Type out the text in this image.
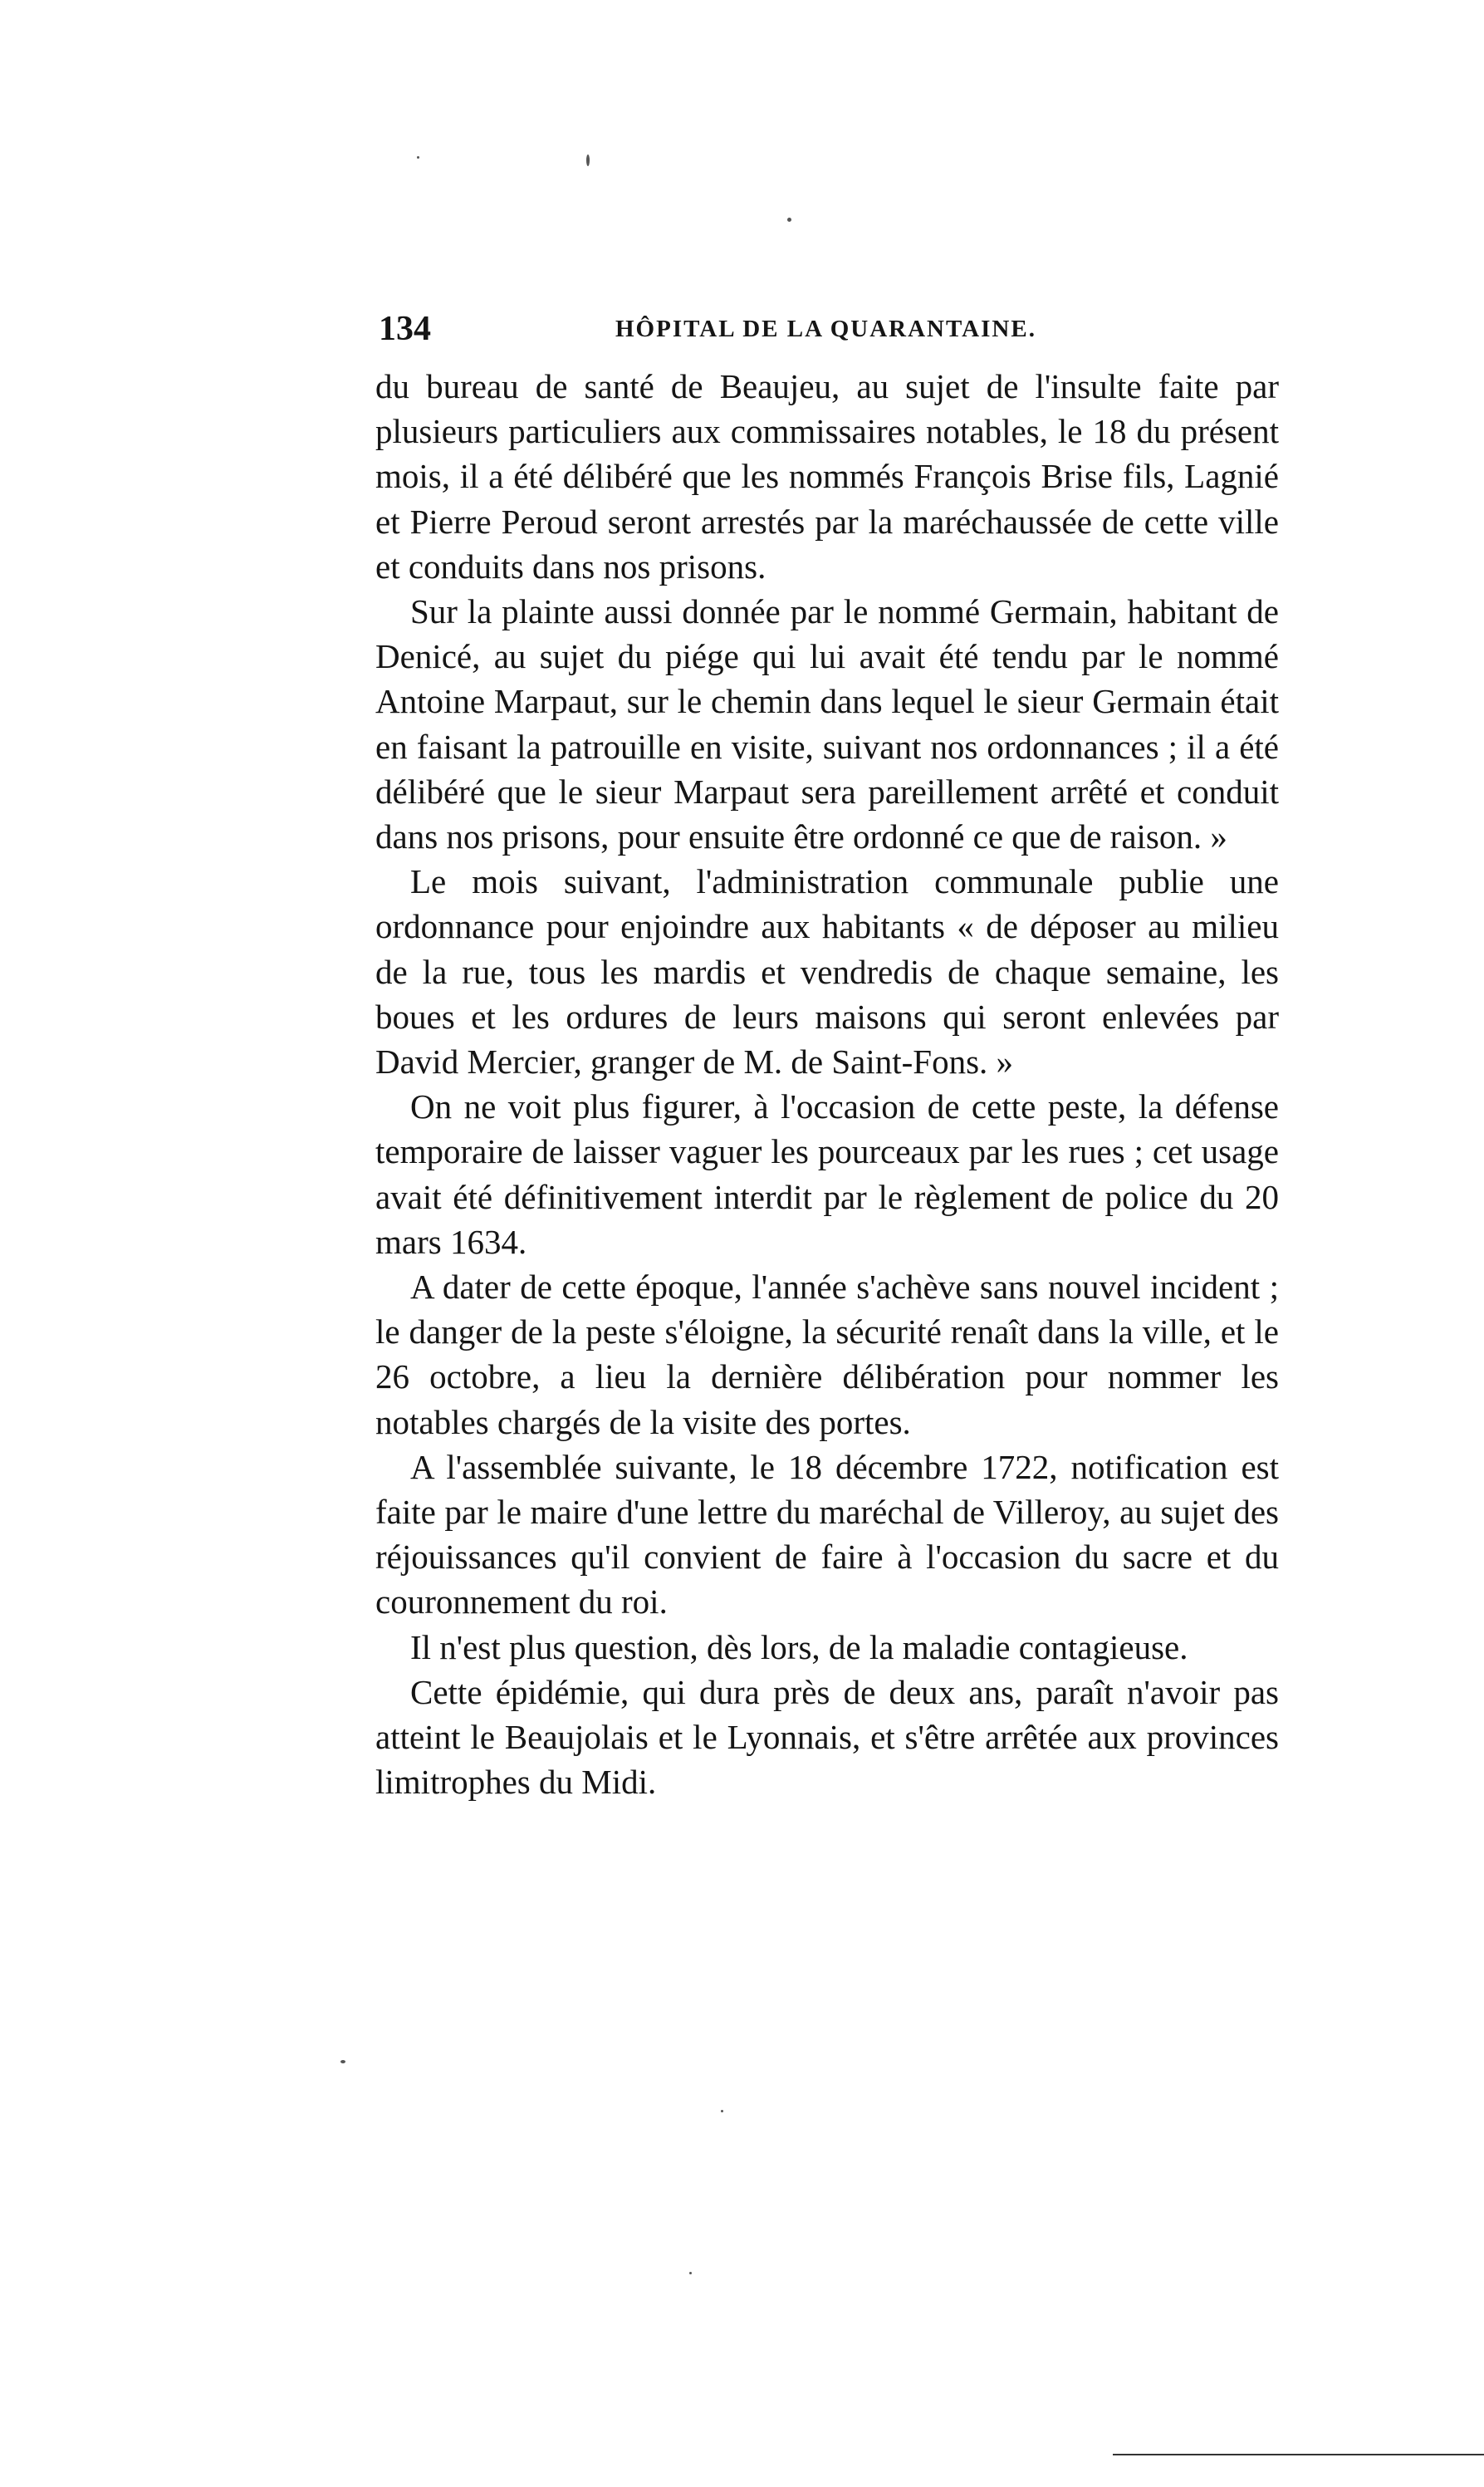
134	HÔPITAL DE LA QUARANTAINE.

du bureau de santé de Beaujeu, au sujet de l'insulte faite par plusieurs particuliers aux commissaires notables, le 18 du présent mois, il a été délibéré que les nommés François Brise fils, Lagnié et Pierre Peroud seront arrestés par la maréchaussée de cette ville et conduits dans nos prisons.

Sur la plainte aussi donnée par le nommé Germain, habitant de Denicé, au sujet du piége qui lui avait été tendu par le nommé Antoine Marpaut, sur le chemin dans lequel le sieur Germain était en faisant la patrouille en visite, suivant nos ordonnances ; il a été délibéré que le sieur Marpaut sera pareillement arrêté et conduit dans nos prisons, pour ensuite être ordonné ce que de raison. »

Le mois suivant, l'administration communale publie une ordonnance pour enjoindre aux habitants « de déposer au milieu de la rue, tous les mardis et vendredis de chaque semaine, les boues et les ordures de leurs maisons qui seront enlevées par David Mercier, granger de M. de Saint-Fons. »

On ne voit plus figurer, à l'occasion de cette peste, la défense temporaire de laisser vaguer les pourceaux par les rues ; cet usage avait été définitivement interdit par le règlement de police du 20 mars 1634.

A dater de cette époque, l'année s'achève sans nouvel incident ; le danger de la peste s'éloigne, la sécurité renaît dans la ville, et le 26 octobre, a lieu la dernière délibération pour nommer les notables chargés de la visite des portes.

A l'assemblée suivante, le 18 décembre 1722, notification est faite par le maire d'une lettre du maréchal de Villeroy, au sujet des réjouissances qu'il convient de faire à l'occasion du sacre et du couronnement du roi.

Il n'est plus question, dès lors, de la maladie contagieuse.

Cette épidémie, qui dura près de deux ans, paraît n'avoir pas atteint le Beaujolais et le Lyonnais, et s'être arrêtée aux provinces limitrophes du Midi.
